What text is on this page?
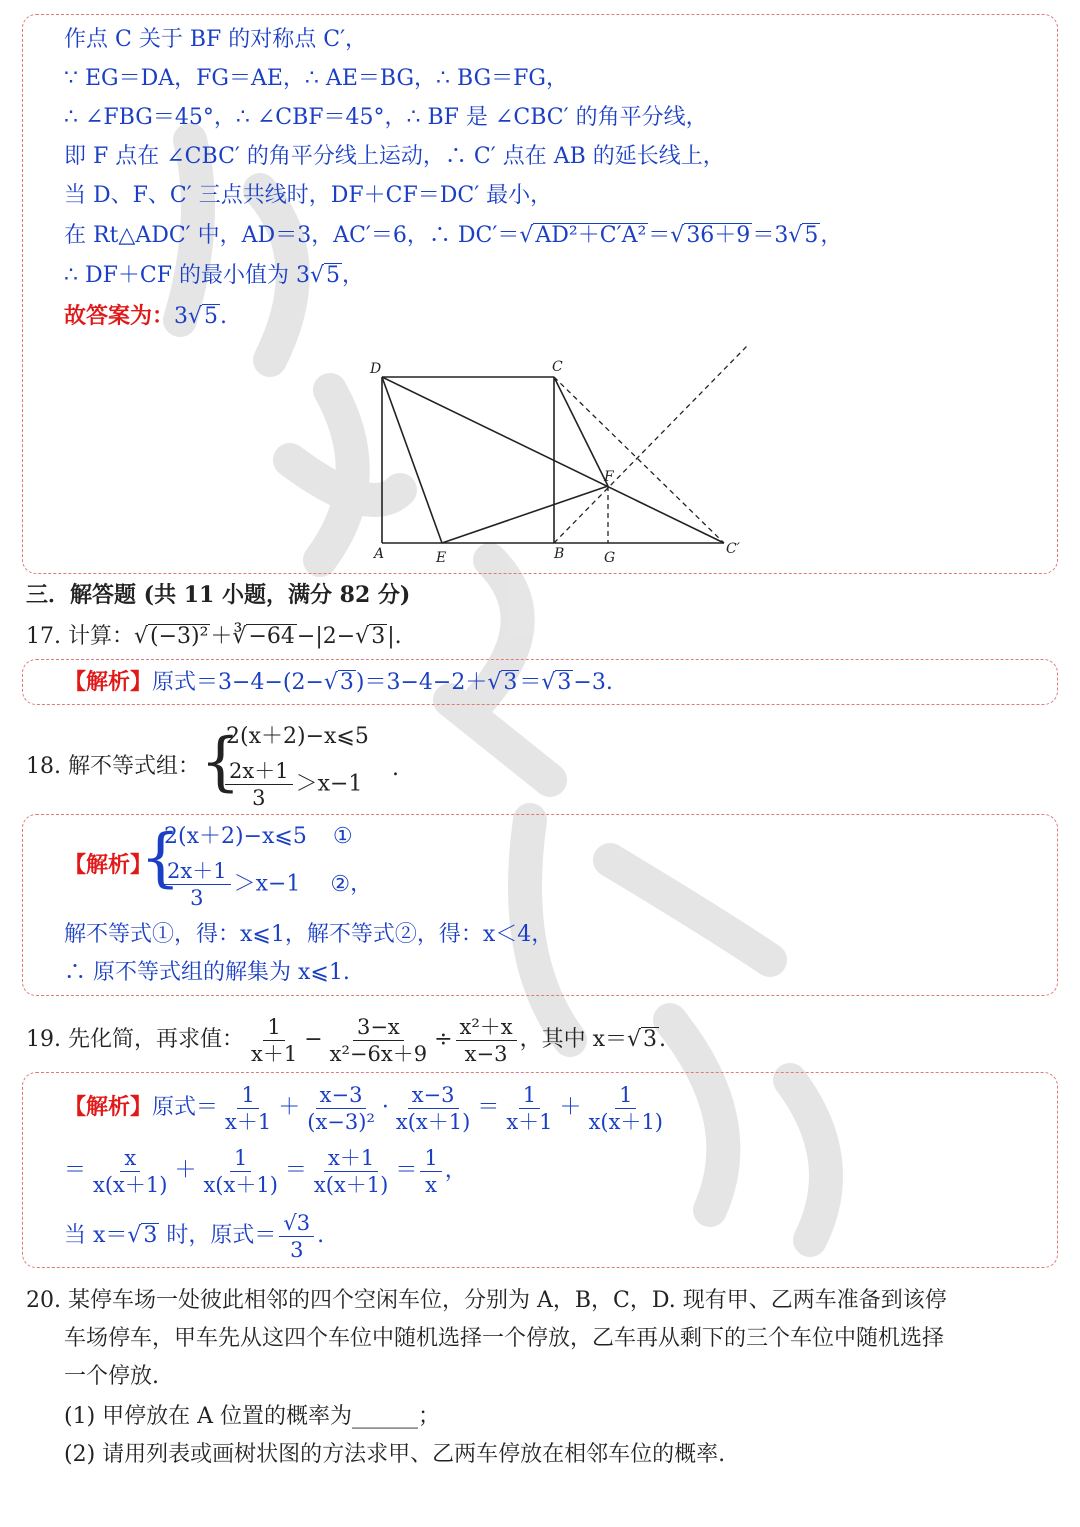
作点 C 关于 BF 的对称点 C′，
∵ EG＝DA，FG＝AE，∴ AE＝BG，∴ BG＝FG，
∴ ∠FBG＝45°，∴ ∠CBF＝45°，∴ BF 是 ∠CBC′ 的角平分线，
即 F 点在 ∠CBC′ 的角平分线上运动，∴ C′ 点在 AB 的延长线上，
当 D、F、C′ 三点共线时，DF＋CF＝DC′ 最小，
在 Rt△ADC′ 中，AD＝3，AC′＝6，∴ DC′＝√AD²＋C′A²＝√36＋9＝3√5，
∴ DF＋CF 的最小值为 3√5，
故答案为：3√5.
D	C
A	E	B	G
F
C′
三．解答题 (共 11 小题，满分 82 分)
17. 计算：√(−3)²＋∛−64−|2−√3|.
【解析】原式＝3−4−(2−√3)＝3−4−2＋√3＝√3−3.
18. 解不等式组： {
2(x＋2)−x⩽5
$\frac{2x+1}{3} >x-1$
.
【解析】
{
2(x＋2)−x⩽5 ①
$\frac{2x+1}{3} >x-1$ ②，
解不等式①，得：x⩽1，解不等式②，得：x＜4，
∴ 原不等式组的解集为 x⩽1.
19. 先化简，再求值： $\frac{1}{x+1} - \frac{3-x}{\text{x²−6x＋9}} \div \frac{\text{x²＋x}}{x-3}$ ，其中 x＝√3.
【解析】原式＝ $\frac{1}{x+1} + \frac{x-3}{\text{(x−3)²}} \cdot \frac{x-3}{x(x+1)} = \frac{1}{x+1} + \frac{1}{x(x+1)}$
＝ $\frac{x}{x(x+1)} + \frac{1}{x(x+1)} = \frac{x+1}{x(x+1)} = \frac{1}{x}$ ，
当 x＝√3 时，原式＝ $\frac{√3}{3}$ .
20. 某停车场一处彼此相邻的四个空闲车位，分别为 A，B，C，D. 现有甲、乙两车准备到该停
车场停车，甲车先从这四个车位中随机选择一个停放，乙车再从剩下的三个车位中随机选择
一个停放.
(1) 甲停放在 A 位置的概率为______；
(2) 请用列表或画树状图的方法求甲、乙两车停放在相邻车位的概率.
